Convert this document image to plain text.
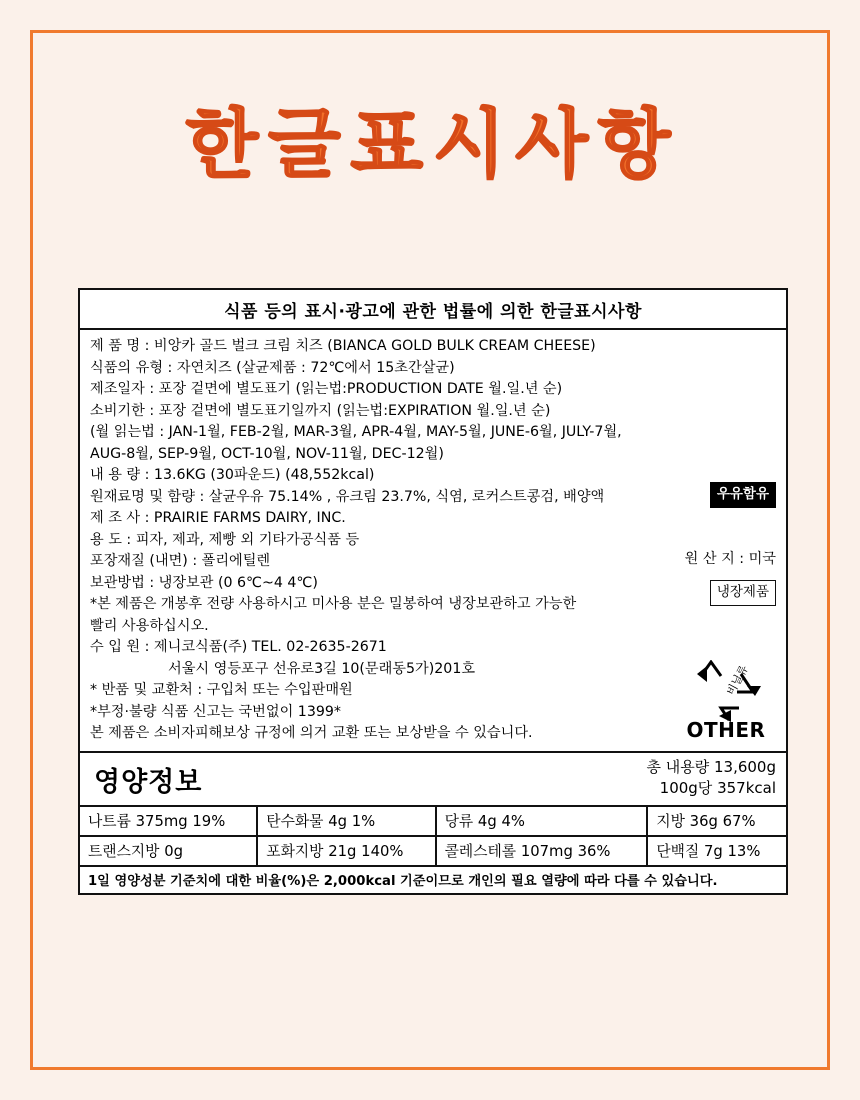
한글표시사항
식품 등의 표시·광고에 관한 법률에 의한 한글표시사항
제 품 명 : 비앙카 골드 벌크 크림 치즈 (BIANCA GOLD BULK CREAM CHEESE)
식품의 유형 : 자연치즈 (살균제품 : 72℃에서 15초간살균)
제조일자 : 포장 겉면에 별도표기 (읽는법:PRODUCTION DATE 월.일.년 순)
소비기한 : 포장 겉면에 별도표기일까지 (읽는법:EXPIRATION 월.일.년 순)
(월 읽는법 : JAN-1월, FEB-2월, MAR-3월, APR-4월, MAY-5월, JUNE-6월, JULY-7월,
AUG-8월, SEP-9월, OCT-10월, NOV-11월, DEC-12월)
내 용 량 : 13.6KG (30파운드) (48,552kcal)
원재료명 및 함량 : 살균우유 75.14% , 유크림 23.7%, 식염, 로커스트콩검, 배양액
제 조 사 : PRAIRIE FARMS DAIRY, INC.
용 도 : 피자, 제과, 제빵 외 기타가공식품 등
포장재질 (내면) : 폴리에틸렌
보관방법 : 냉장보관 (0 6℃~4 4℃)
*본 제품은 개봉후 전량 사용하시고 미사용 분은 밀봉하여 냉장보관하고 가능한
빨리 사용하십시오.
수 입 원 : 제니코식품(주) TEL. 02-2635-2671
서울시 영등포구 선유로3길 10(문래동5가)201호
* 반품 및 교환처 : 구입처 또는 수입판매원
*부정·불량 식품 신고는 국번없이 1399*
본 제품은 소비자피해보상 규정에 의거 교환 또는 보상받을 수 있습니다.
우유함유
원 산 지 : 미국
냉장제품
비닐류
OTHER
영양정보	총 내용량 13,600g
100g당 357kcal
나트륨 375mg 19%	탄수화물 4g 1%	당류 4g 4%	지방 36g 67%
트랜스지방 0g	포화지방 21g 140%	콜레스테롤 107mg 36%	단백질 7g 13%
1일 영양성분 기준치에 대한 비율(%)은 2,000kcal 기준이므로 개인의 필요 열량에 따라 다를 수 있습니다.			
